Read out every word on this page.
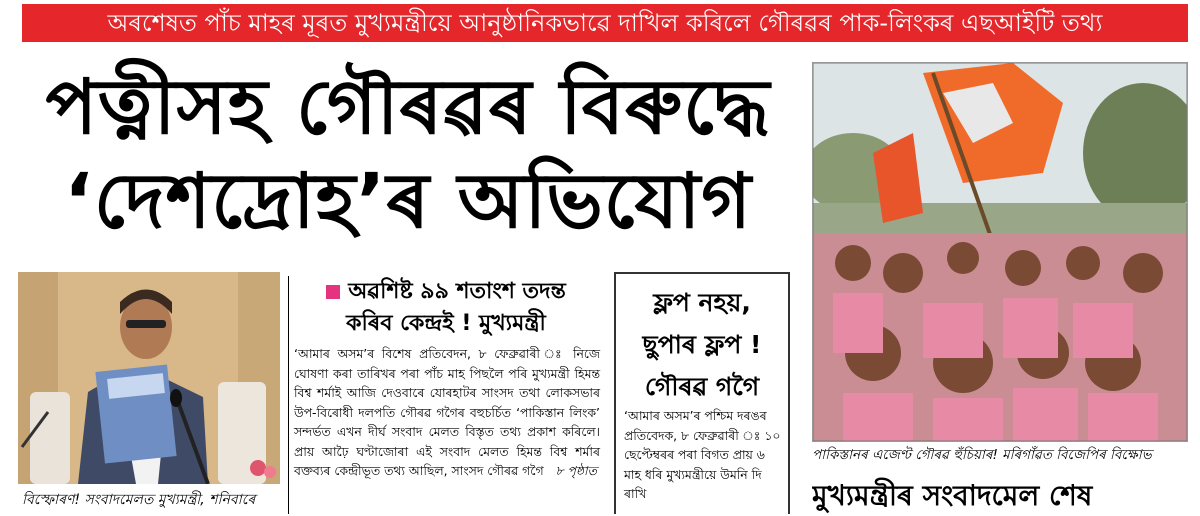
অৰশেষত পাঁচ মাহৰ মূৰত মুখ্যমন্ত্ৰীয়ে আনুষ্ঠানিকভাৱে দাখিল কৰিলে গৌৰৱৰ পাক-লিংকৰ এছআইটি তথ্য
পত্নীসহ গৌৰৱৰ বিৰুদ্ধে
‘দেশদ্ৰোহ’ৰ অভিযোগ
বিস্ফোৰণ! সংবাদমেলত মুখ্যমন্ত্ৰী, শনিবাৰে
অৱশিষ্ট ৯৯ শতাংশ তদন্ত
কৰিব কেন্দ্ৰই ! মুখ্যমন্ত্ৰী
‘আমাৰ অসম’ৰ বিশেষ প্ৰতিবেদন, ৮ ফেব্ৰুৱাৰী ঃ নিজে ঘোষণা কৰা তাৰিখৰ পৰা পাঁচ মাহ পিছলৈ পৰি মুখ্যমন্ত্ৰী হিমন্ত বিশ্ব শৰ্মাই আজি দেওবাৰে যোৰহাটৰ সাংসদ তথা লোকসভাৰ উপ-বিৰোধী দলপতি গৌৰৱ গগৈৰ বহুচৰ্চিত ‘পাকিস্তান লিংক’ সন্দৰ্ভত এখন দীৰ্ঘ সংবাদ মেলত বিস্তৃত তথ্য প্ৰকাশ কৰিলে। প্ৰায় আঢ়ৈ ঘণ্টাজোৰা এই সংবাদ মেলত হিমন্ত বিশ্ব শৰ্মাৰ বক্তব্যৰ কেন্দ্ৰীভূত তথ্য আছিল, সাংসদ গৌৰৱ গগৈ ৮ পৃষ্ঠাত
ফ্লপ নহয়,
ছুপাৰ ফ্লপ !
গৌৰৱ গগৈ
‘আমাৰ অসম’ৰ পশ্চিম দৰঙৰ প্ৰতিবেদক, ৮ ফেব্ৰুৱাৰী ঃ ১০ ছেপ্টেম্বৰৰ পৰা বিগত প্ৰায় ৬ মাহ ধৰি মুখ্যমন্ত্ৰীয়ে উমনি দি ৰাখি
পাকিস্তানৰ এজেণ্ট গৌৰৱ হুঁচিয়াৰ! মৰিগাঁৱত বিজেপিৰ বিক্ষোভ
মুখ্যমন্ত্ৰীৰ সংবাদমেল শেষ
